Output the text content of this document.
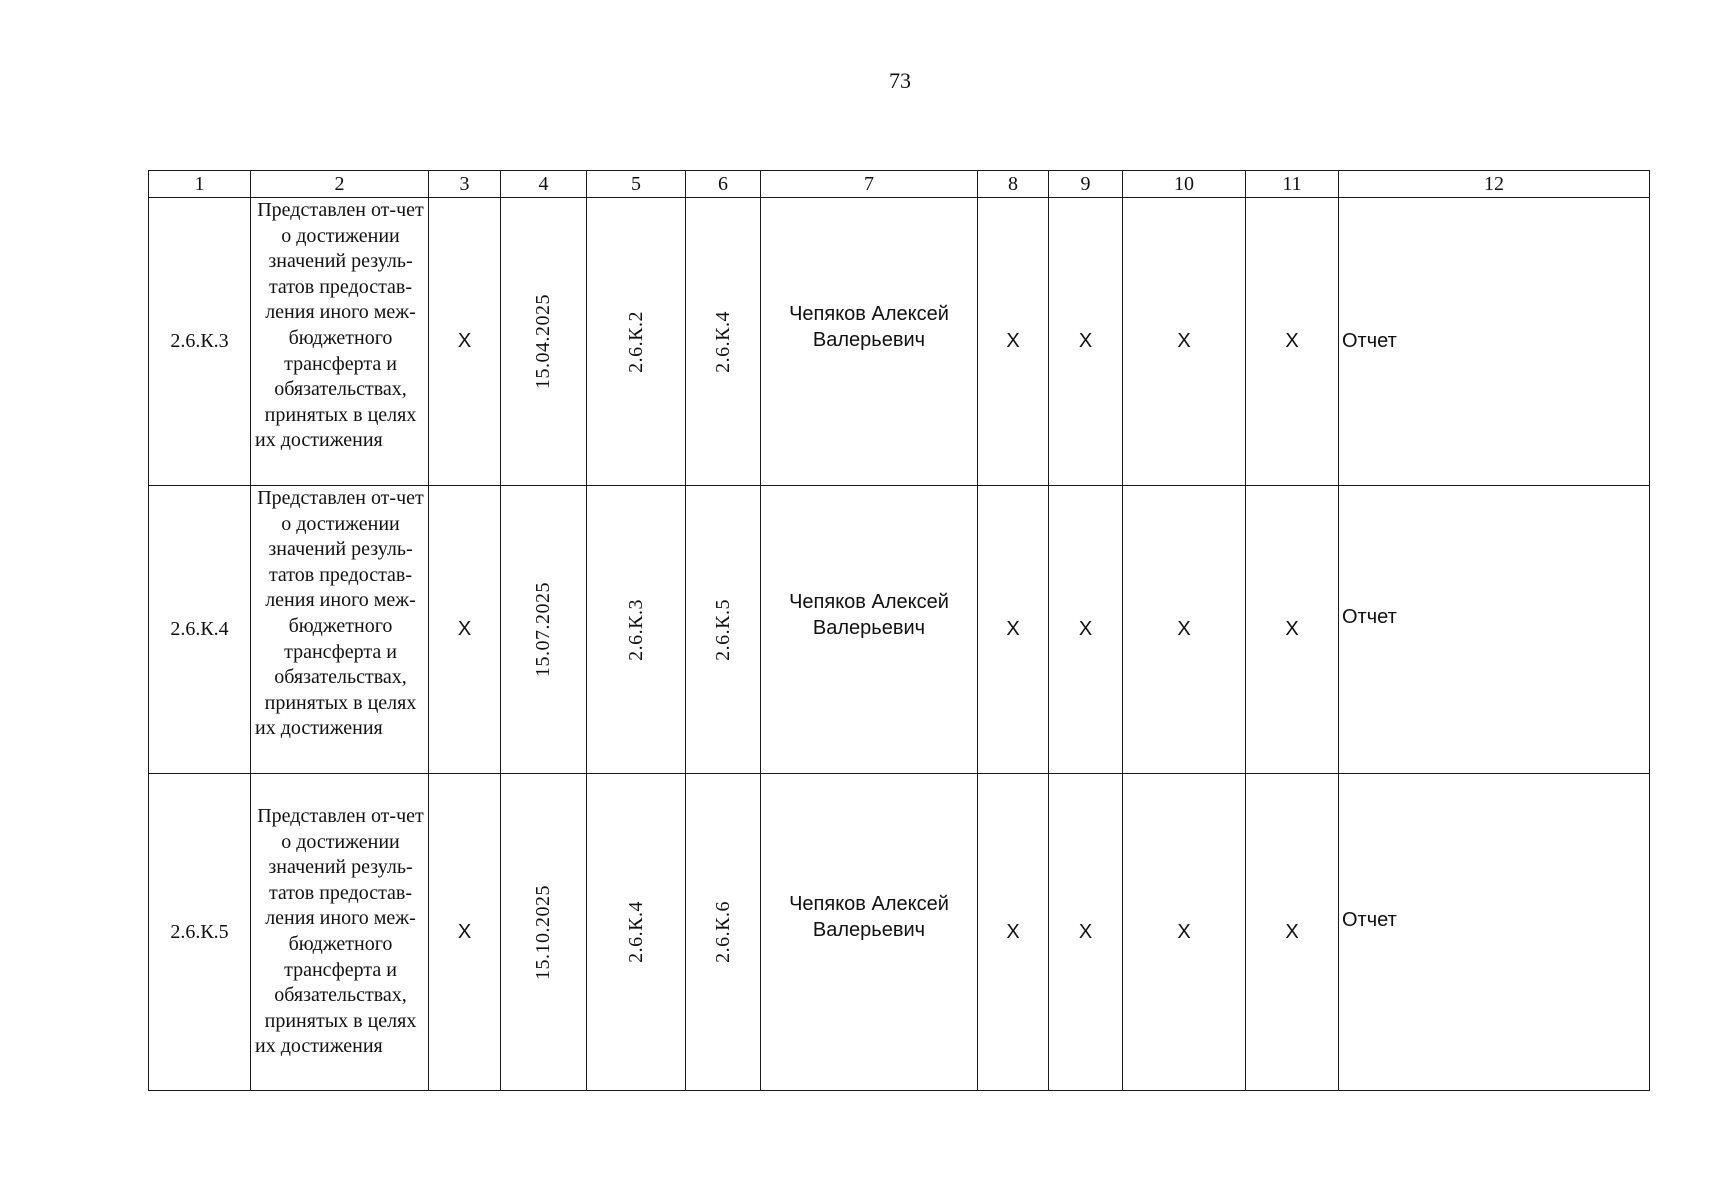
73
1	2	3	4	5	6	7	8	9	10	11	12
2.6.К.3	Представлен от-чет о достижении значений резуль-татов предостав-ления иного меж-бюджетного трансферта и обязательствах, принятых в целях их достижения	X	15.04.2025	2.6.К.2	2.6.К.4	Чепяков Алексей Валерьевич	X	X	X	X	Отчет
2.6.К.4	Представлен от-чет о достижении значений резуль-татов предостав-ления иного меж-бюджетного трансферта и обязательствах, принятых в целях их достижения	X	15.07.2025	2.6.К.3	2.6.К.5	Чепяков Алексей Валерьевич	X	X	X	X	Отчет
2.6.К.5	Представлен от-чет о достижении значений резуль-татов предостав-ления иного меж-бюджетного трансферта и обязательствах, принятых в целях их достижения	X	15.10.2025	2.6.К.4	2.6.К.6	Чепяков Алексей Валерьевич	X	X	X	X	Отчет
